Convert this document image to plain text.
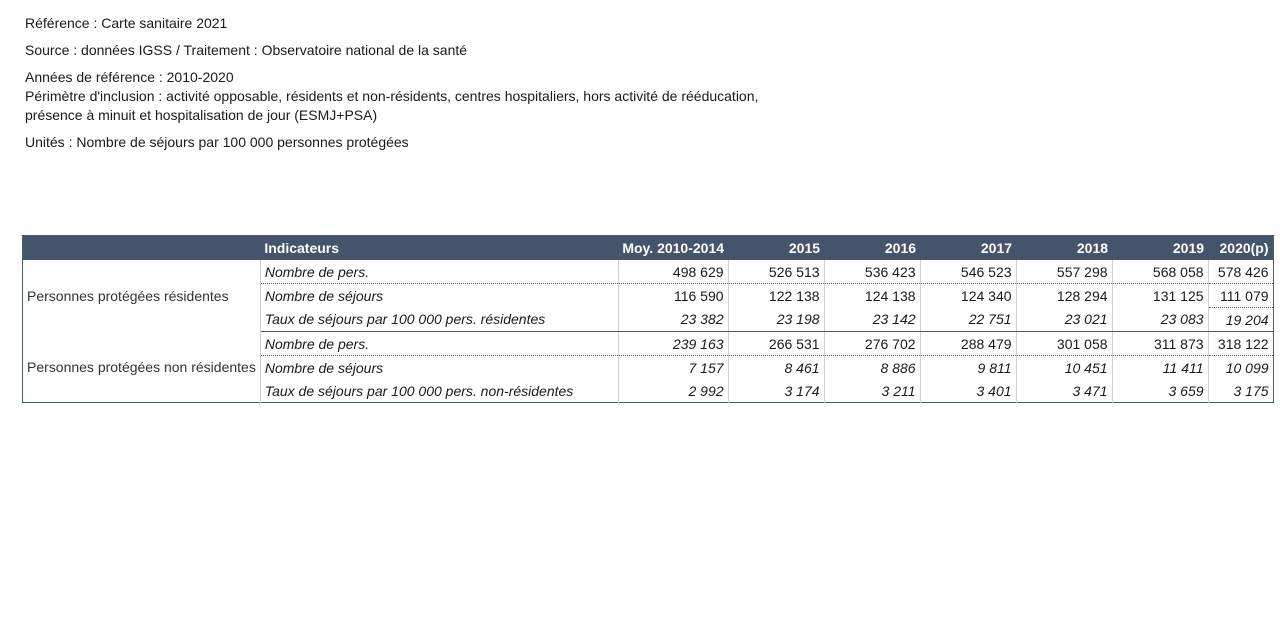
Référence : Carte sanitaire 2021

Source : données IGSS / Traitement : Observatoire national de la santé

Années de référence : 2010-2020

Périmètre d'inclusion : activité opposable, résidents et non-résidents, centres hospitaliers, hors activité de rééducation, présence à minuit et hospitalisation de jour (ESMJ+PSA)

Unités : Nombre de séjours par 100 000 personnes protégées

	Indicateurs	Moy. 2010-2014	2015	2016	2017	2018	2019	2020(p)
Personnes protégées résidentes	Nombre de pers.	498 629	526 513	536 423	546 523	557 298	568 058	578 426
	Nombre de séjours	116 590	122 138	124 138	124 340	128 294	131 125	111 079
	Taux de séjours par 100 000 pers. résidentes	23 382	23 198	23 142	22 751	23 021	23 083	19 204
Personnes protégées non résidentes	Nombre de pers.	239 163	266 531	276 702	288 479	301 058	311 873	318 122
	Nombre de séjours	7 157	8 461	8 886	9 811	10 451	11 411	10 099
	Taux de séjours par 100 000 pers. non-résidentes	2 992	3 174	3 211	3 401	3 471	3 659	3 175
